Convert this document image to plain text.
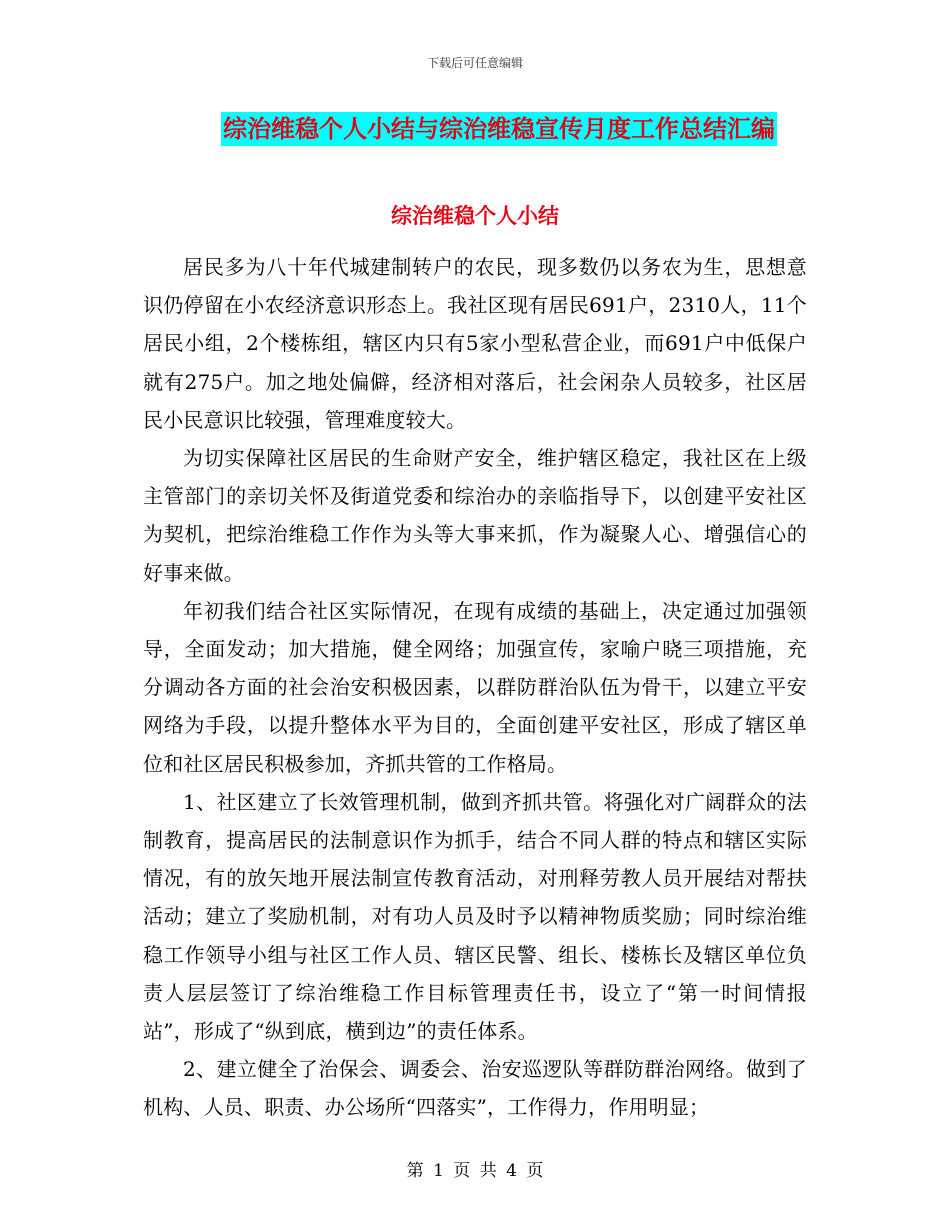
下载后可任意编辑
综治维稳个人小结与综治维稳宣传月度工作总结汇编
综治维稳个人小结

居民多为八十年代城建制转户的农民，现多数仍以务农为生，思想意识仍停留在小农经济意识形态上。我社区现有居民691户，2310人，11个居民小组，2个楼栋组，辖区内只有5家小型私营企业，而691户中低保户就有275户。加之地处偏僻，经济相对落后，社会闲杂人员较多，社区居民小民意识比较强，管理难度较大。

为切实保障社区居民的生命财产安全，维护辖区稳定，我社区在上级主管部门的亲切关怀及街道党委和综治办的亲临指导下，以创建平安社区为契机，把综治维稳工作作为头等大事来抓，作为凝聚人心、增强信心的好事来做。

年初我们结合社区实际情况，在现有成绩的基础上，决定通过加强领导，全面发动；加大措施，健全网络；加强宣传，家喻户晓三项措施，充分调动各方面的社会治安积极因素，以群防群治队伍为骨干，以建立平安网络为手段，以提升整体水平为目的，全面创建平安社区，形成了辖区单位和社区居民积极参加，齐抓共管的工作格局。

1、社区建立了长效管理机制，做到齐抓共管。将强化对广阔群众的法制教育，提高居民的法制意识作为抓手，结合不同人群的特点和辖区实际情况，有的放矢地开展法制宣传教育活动，对刑释劳教人员开展结对帮扶活动；建立了奖励机制，对有功人员及时予以精神物质奖励；同时综治维稳工作领导小组与社区工作人员、辖区民警、组长、楼栋长及辖区单位负责人层层签订了综治维稳工作目标管理责任书，设立了“第一时间情报站”，形成了“纵到底，横到边”的责任体系。

2、建立健全了治保会、调委会、治安巡逻队等群防群治网络。做到了机构、人员、职责、办公场所“四落实”，工作得力，作用明显；

第 1 页 共 4 页
